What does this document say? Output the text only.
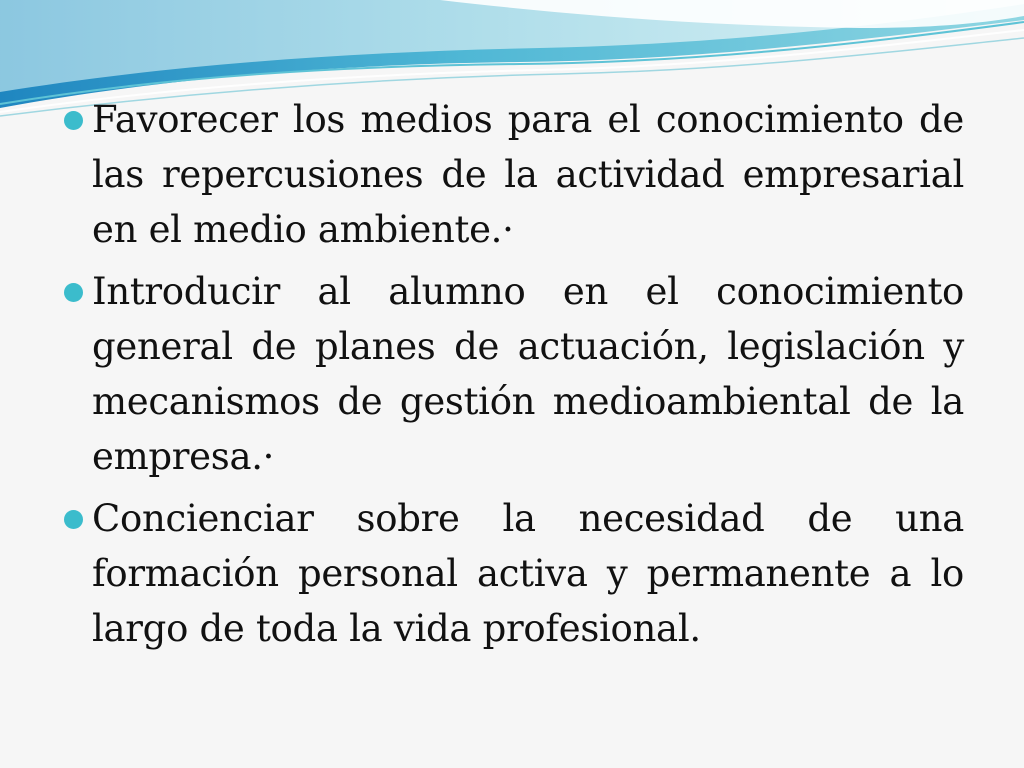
Favorecer los medios para el conocimiento de las repercusiones de la actividad empresarial en el medio ambiente.·
Introducir al alumno en el conocimiento general de planes de actuación, legislación y mecanismos de gestión medioambiental de la empresa.·
Concienciar sobre la necesidad de una formación personal activa y permanente a lo largo de toda la vida profesional.
